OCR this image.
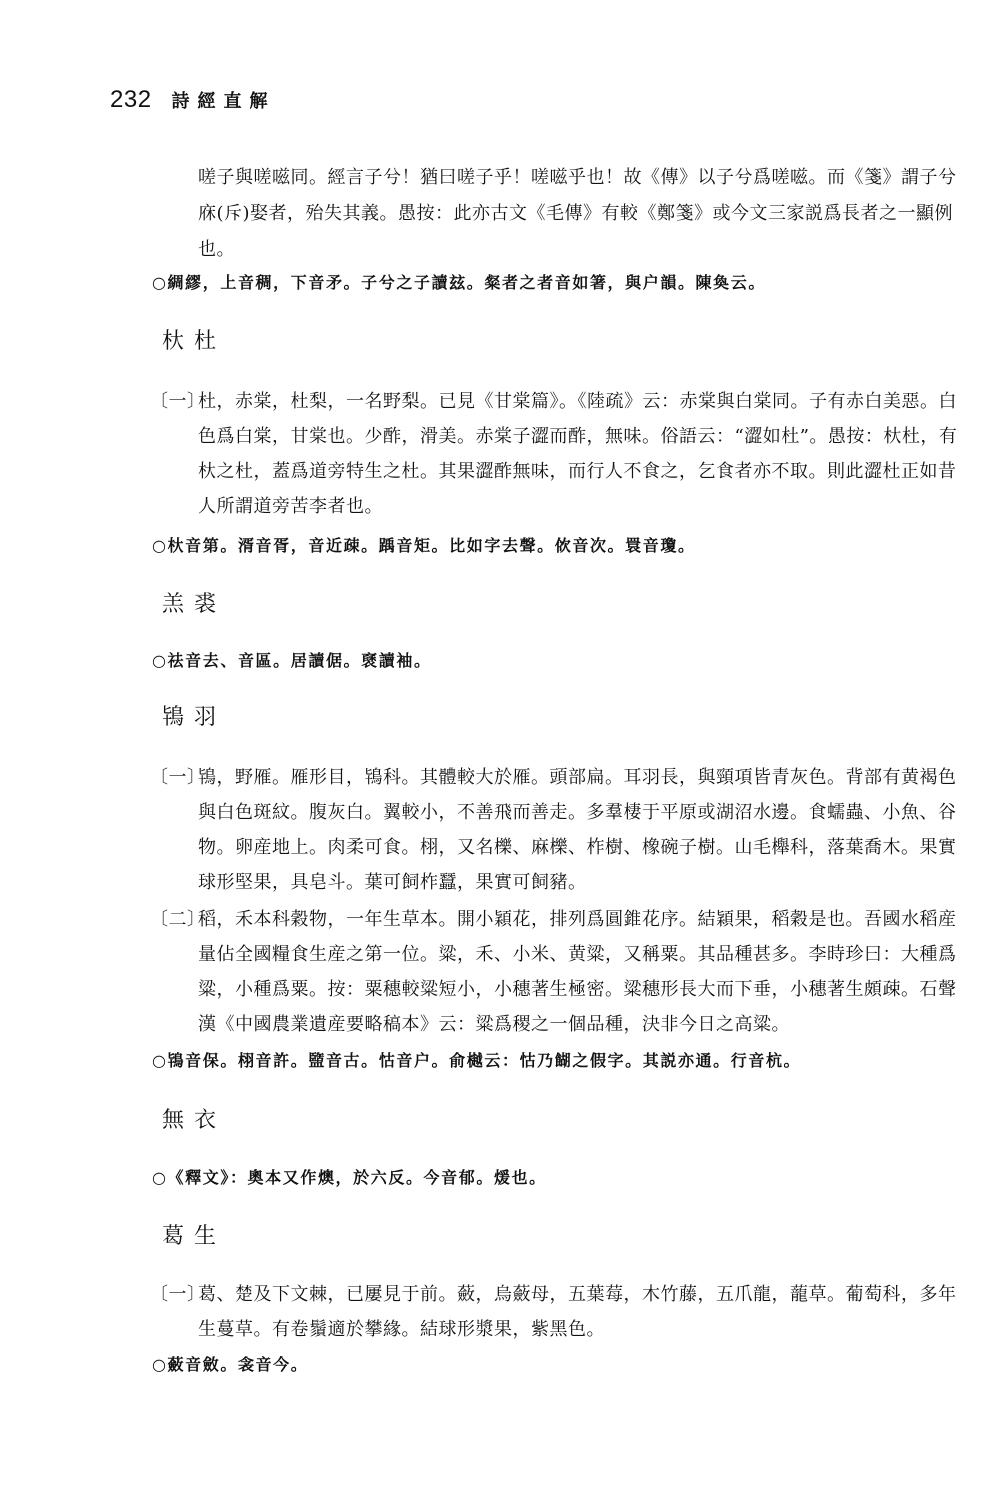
232 詩經直解
嗟子與嗟嗞同。經言子兮！猶曰嗟子乎！嗟嗞乎也！故《傳》以子兮爲嗟嗞。而《箋》謂子兮庥(斥)娶者，殆失其義。愚按：此亦古文《毛傳》有較《鄭箋》或今文三家説爲長者之一顯例也。
○綢繆，上音稠，下音矛。子兮之子讀玆。粲者之者音如箸，與户韻。陳奐云。
杕杜
〔一〕
杜，赤棠，杜梨，一名野梨。已見《甘棠篇》。《陸疏》云：赤棠與白棠同。子有赤白美惡。白色爲白棠，甘棠也。少酢，滑美。赤棠子澀而酢，無味。俗語云：“澀如杜”。愚按：杕杜，有杕之杜，蓋爲道旁特生之杜。其果澀酢無味，而行人不食之，乞食者亦不取。則此澀杜正如昔人所謂道旁苦李者也。
○杕音第。湑音胥，音近疎。踽音矩。比如字去聲。佽音次。睘音瓊。
羔裘
○祛音去、音區。居讀倨。褎讀袖。
鴇羽
〔一〕
鴇，野雁。雁形目，鴇科。其體較大於雁。頭部扁。耳羽長，與頸項皆青灰色。背部有黄褐色與白色斑紋。腹灰白。翼較小，不善飛而善走。多羣棲于平原或湖沼水邊。食蠕蟲、小魚、谷物。卵産地上。肉柔可食。栩，又名櫟、麻櫟、柞樹、橡碗子樹。山毛櫸科，落葉喬木。果實球形堅果，具皂斗。葉可飼柞蠶，果實可飼豬。
〔二〕
稻，禾本科穀物，一年生草本。開小穎花，排列爲圓錐花序。結穎果，稻穀是也。吾國水稻産量佔全國糧食生産之第一位。粱，禾、小米、黄粱，又稱粟。其品種甚多。李時珍曰：大種爲粱，小種爲粟。按：粟穗較粱短小，小穗著生極密。粱穗形長大而下垂，小穗著生頗疎。石聲漢《中國農業遺産要略稿本》云：粱爲稷之一個品種，決非今日之高粱。
○鴇音保。栩音許。盬音古。怙音户。俞樾云：怙乃餬之假字。其説亦通。行音杭。
無衣
○《釋文》：奧本又作燠，於六反。今音郁。煖也。
葛生
〔一〕
葛、楚及下文棘，已屢見于前。蘞，烏蘞母，五葉莓，木竹藤，五爪龍，蘢草。葡萄科，多年生蔓草。有卷鬚適於攀緣。結球形漿果，紫黑色。
○蘞音斂。衾音今。
